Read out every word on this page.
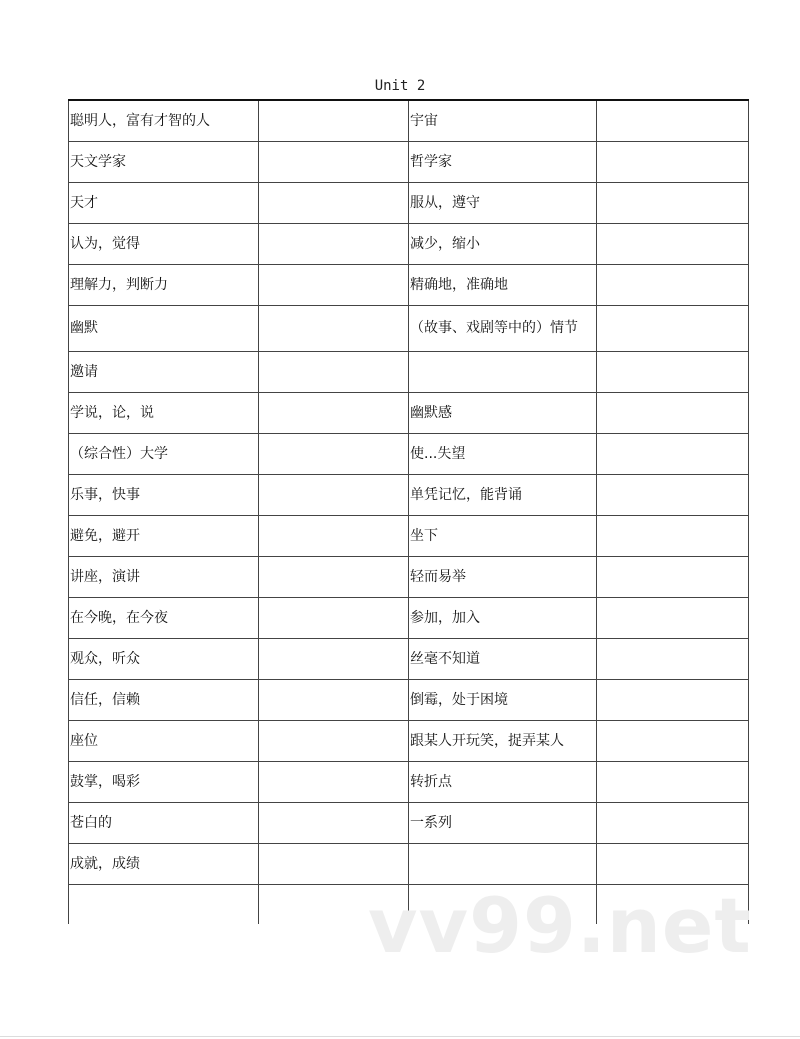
Unit 2
聪明人，富有才智的人		宇宙	
天文学家		哲学家	
天才		服从，遵守	
认为，觉得		减少，缩小	
理解力，判断力		精确地，准确地	
幽默		（故事、戏剧等中的）情节	
邀请			
学说，论，说		幽默感	
（综合性）大学		使...失望	
乐事，快事		单凭记忆，能背诵	
避免，避开		坐下	
讲座，演讲		轻而易举	
在今晚，在今夜		参加，加入	
观众，听众		丝毫不知道	
信任，信赖		倒霉，处于困境	
座位		跟某人开玩笑，捉弄某人	
鼓掌，喝彩		转折点	
苍白的		一系列	
成就，成绩			

vv99.net
